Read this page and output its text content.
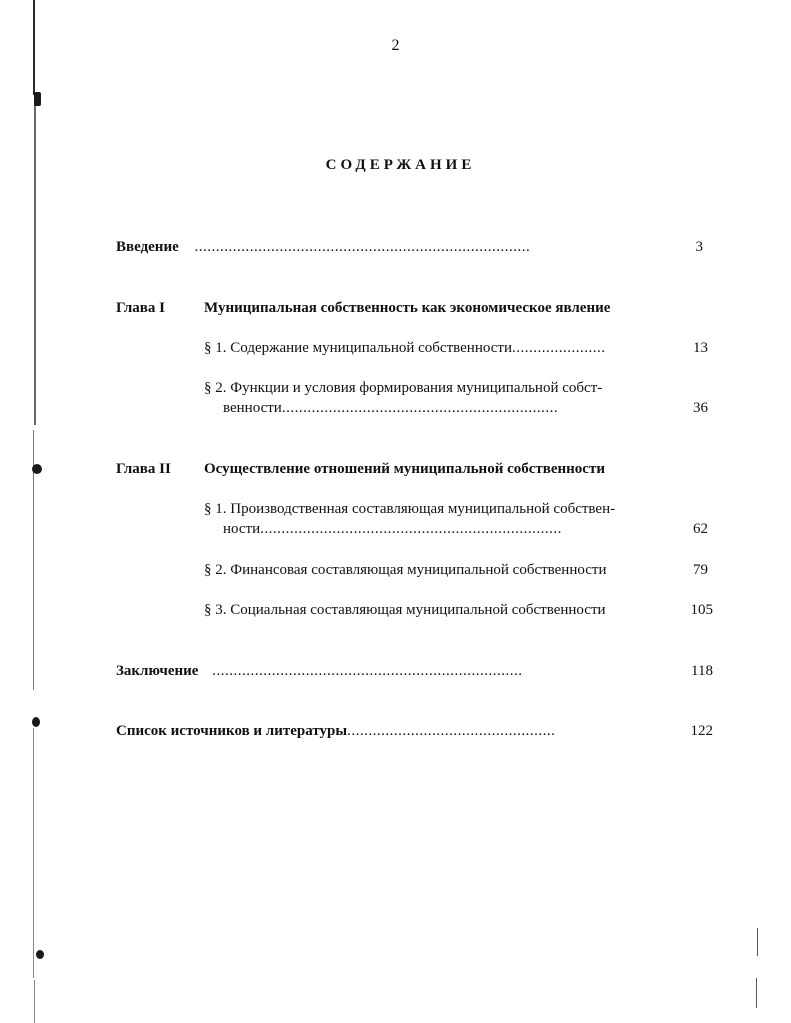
2
СОДЕРЖАНИЕ
Введение ...............................................................................	3
Глава I	Муниципальная собственность как экономическое явление
§ 1. Содержание муниципальной собственности......................	13
§ 2. Функции и условия формирования муниципальной собст-
венности.................................................................	36
Глава II Осуществление отношений муниципальной собственности
§ 1. Производственная составляющая муниципальной собствен-
ности.......................................................................	62
§ 2. Финансовая составляющая муниципальной собственности	79
§ 3. Социальная составляющая муниципальной собственности	105
Заключение .........................................................................	118
Список источников и литературы.................................................	122
